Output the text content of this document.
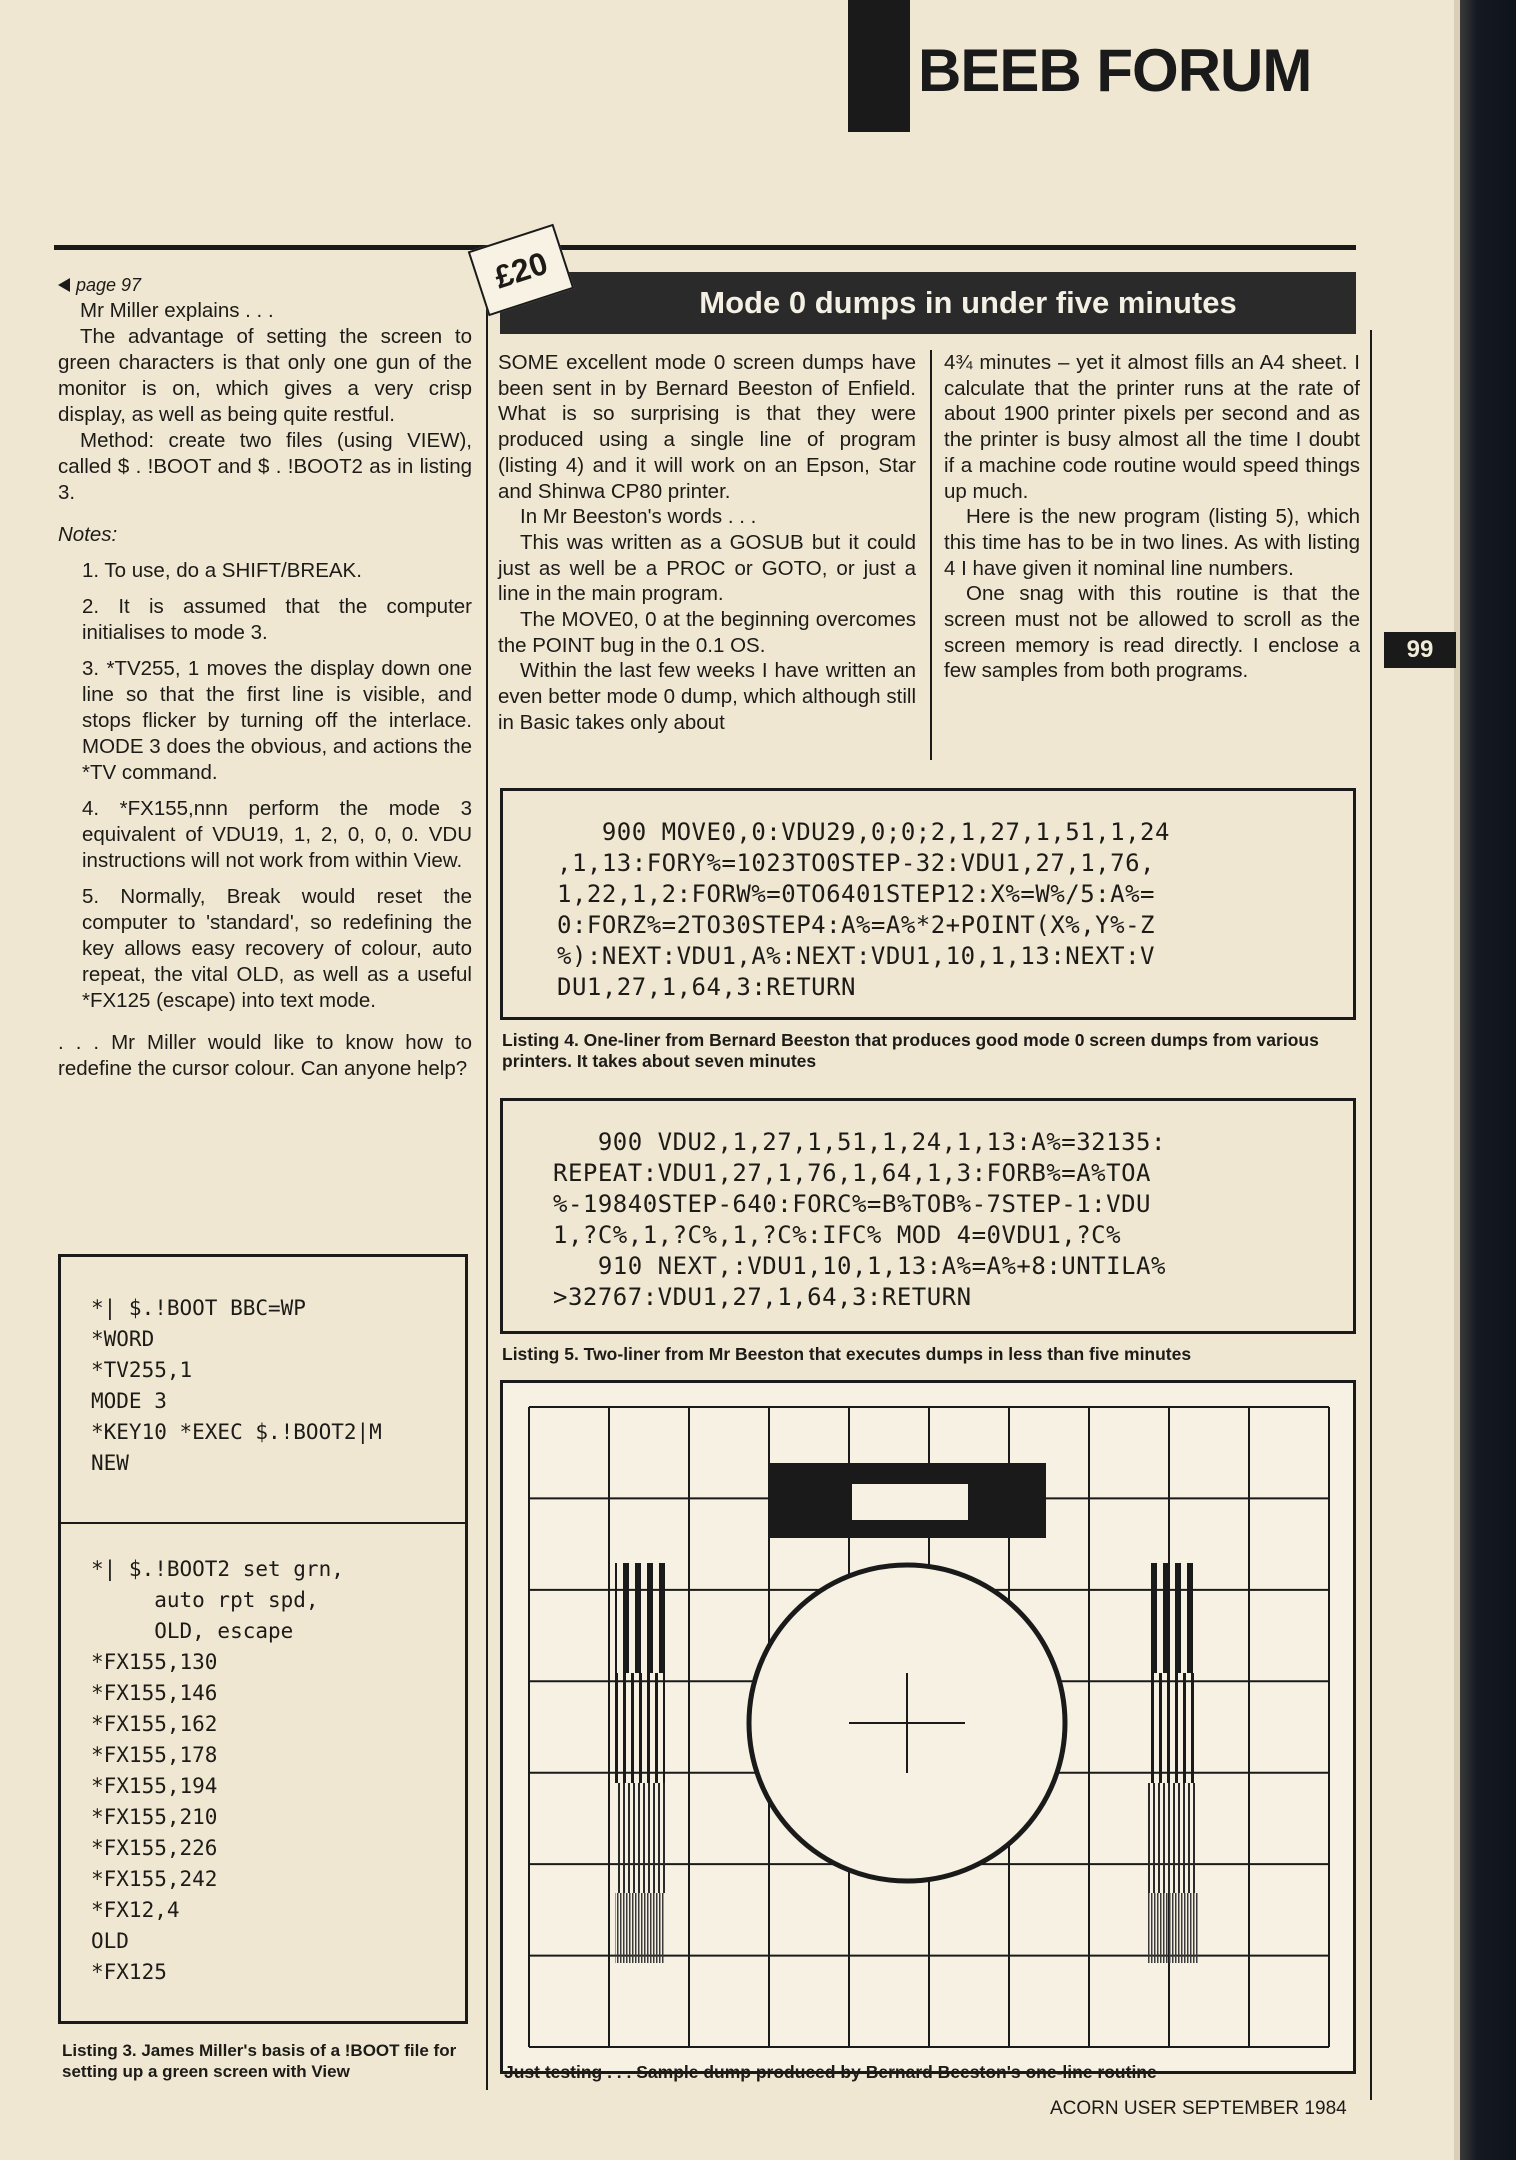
BEEB FORUM
99

page 97

Mr Miller explains . . .

The advantage of setting the screen to green characters is that only one gun of the monitor is on, which gives a very crisp display, as well as being quite restful.

Method: create two files (using VIEW), called $ . !BOOT and $ . !BOOT2 as in listing 3.

Notes:

1. To use, do a SHIFT/BREAK.

2. It is assumed that the computer initialises to mode 3.

3. *TV255, 1 moves the display down one line so that the first line is visible, and stops flicker by turning off the interlace. MODE 3 does the obvious, and actions the *TV command.

4. *FX155,nnn perform the mode 3 equivalent of VDU19, 1, 2, 0, 0, 0. VDU instructions will not work from within View.

5. Normally, Break would reset the computer to 'standard', so redefining the key allows easy recovery of colour, auto repeat, the vital OLD, as well as a useful *FX125 (escape) into text mode.

. . . Mr Miller would like to know how to redefine the cursor colour. Can anyone help?

*| $.!BOOT BBC=WP
*WORD
*TV255,1
MODE 3
*KEY10 *EXEC $.!BOOT2|M
NEW
*| $.!BOOT2 set grn,
auto rpt spd,
OLD, escape
*FX155,130
*FX155,146
*FX155,162
*FX155,178
*FX155,194
*FX155,210
*FX155,226
*FX155,242
*FX12,4
OLD
*FX125
Listing 3. James Miller's basis of a !BOOT file for setting up a green screen with View
Mode 0 dumps in under five minutes
£20

SOME excellent mode 0 screen dumps have been sent in by Bernard Beeston of Enfield. What is so surprising is that they were produced using a single line of program (listing 4) and it will work on an Epson, Star and Shinwa CP80 printer.

In Mr Beeston's words . . .

This was written as a GOSUB but it could just as well be a PROC or GOTO, or just a line in the main program.

The MOVE0, 0 at the beginning overcomes the POINT bug in the 0.1 OS.

Within the last few weeks I have written an even better mode 0 dump, which although still in Basic takes only about

4¾ minutes – yet it almost fills an A4 sheet. I calculate that the printer runs at the rate of about 1900 printer pixels per second and as the printer is busy almost all the time I doubt if a machine code routine would speed things up much.

Here is the new program (listing 5), which this time has to be in two lines. As with listing 4 I have given it nominal line numbers.

One snag with this routine is that the screen must not be allowed to scroll as the screen memory is read directly. I enclose a few samples from both programs.

900 MOVE0,0:VDU29,0;0;2,1,27,1,51,1,24
,1,13:FORY%=1023TO0STEP-32:VDU1,27,1,76,
1,22,1,2:FORW%=0TO6401STEP12:X%=W%/5:A%=
0:FORZ%=2TO30STEP4:A%=A%*2+POINT(X%,Y%-Z
%):NEXT:VDU1,A%:NEXT:VDU1,10,1,13:NEXT:V
DU1,27,1,64,3:RETURN
Listing 4. One-liner from Bernard Beeston that produces good mode 0 screen dumps from various printers. It takes about seven minutes
900 VDU2,1,27,1,51,1,24,1,13:A%=32135:
REPEAT:VDU1,27,1,76,1,64,1,3:FORB%=A%TOA
%-19840STEP-640:FORC%=B%TOB%-7STEP-1:VDU
1,?C%,1,?C%,1,?C%:IFC% MOD 4=0VDU1,?C%
910 NEXT,:VDU1,10,1,13:A%=A%+8:UNTILA%
>32767:VDU1,27,1,64,3:RETURN
Listing 5. Two-liner from Mr Beeston that executes dumps in less than five minutes
Just testing . . . Sample dump produced by Bernard Beeston's one-line routine
ACORN USER SEPTEMBER 1984
